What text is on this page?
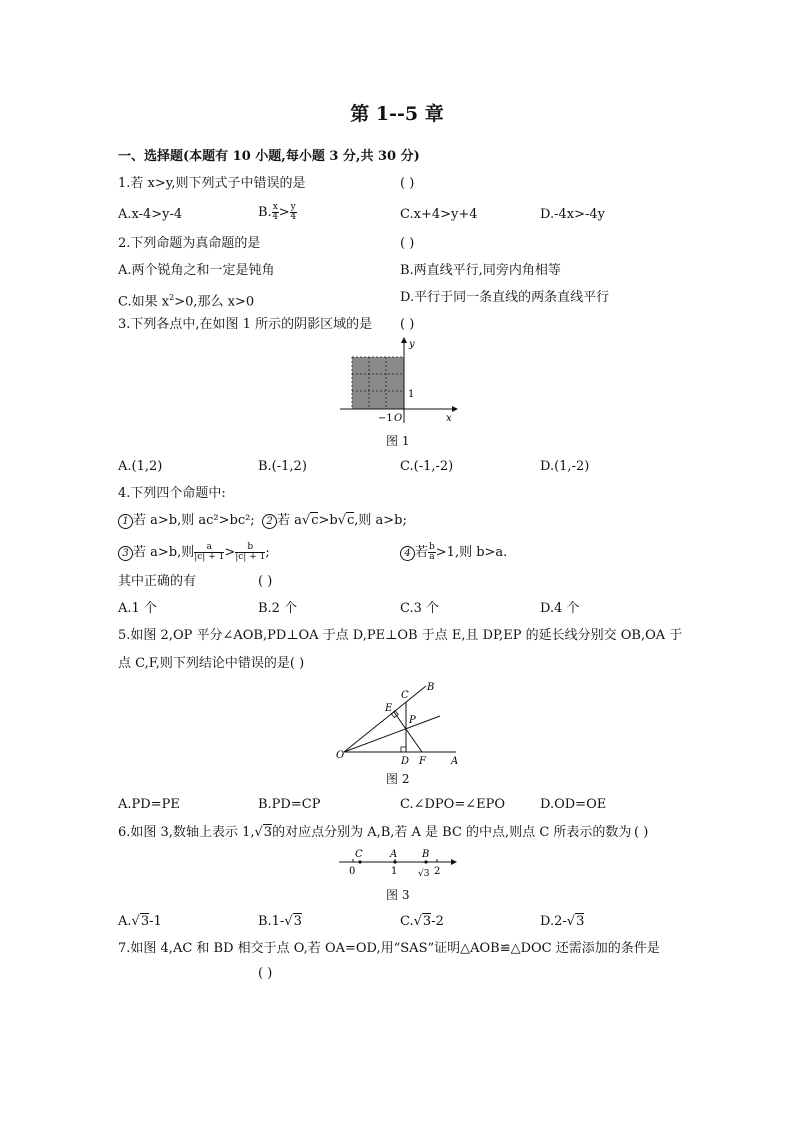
第 1--5 章
一、选择题(本题有 10 小题,每小题 3 分,共 30 分)
1.若 x>y,则下列式子中错误的是	( )
A.x-4>y-4	B. $\frac{x}{4} > \frac{y}{4}$	C.x+4>y+4	D.-4x>-4y
2.下列命题为真命题的是	( )
A.两个锐角之和一定是钝角	B.两直线平行,同旁内角相等
C.如果 $x^2>0$,那么 x>0	D.平行于同一条直线的两条直线平行
3.下列各点中,在如图 1 所示的阴影区域的是 ( )
y
1
−1 O	x
图 1
A.(1,2)	B.(-1,2)	C.(-1,-2)	D.(1,-2)
4.下列四个命题中:
1 若 a>b,则 ac²>bc²;	2 若 a√c>b√c,则 a>b;
3 若 a>b,则 $\frac{a}{|c| + 1} > \frac{b}{|c| + 1}$ ;	4 若 $\frac{b}{a} >1$,则 b>a.
其中正确的有	( )
A.1 个	B.2 个	C.3 个	D.4 个
5.如图 2,OP 平分∠AOB,PD⊥OA 于点 D,PE⊥OB 于点 E,且 DP,EP 的延长线分别交 OB,OA 于
点 C,F,则下列结论中错误的是( )
B
C
E
P
O
D F	A
图 2
A.PD=PE	B.PD=CP	C.∠DPO=∠EPO	D.OD=OE
6.如图 3,数轴上表示 1,√3的对应点分别为 A,B,若 A 是 BC 的中点,则点 C 所表示的数为 ( )
C	A B
0	1 √3 2
图 3
A.√3-1	B.1-√3	C.√3-2	D.2-√3
7.如图 4,AC 和 BD 相交于点 O,若 OA=OD,用“SAS”证明△AOB≌△DOC 还需添加的条件是
( )
